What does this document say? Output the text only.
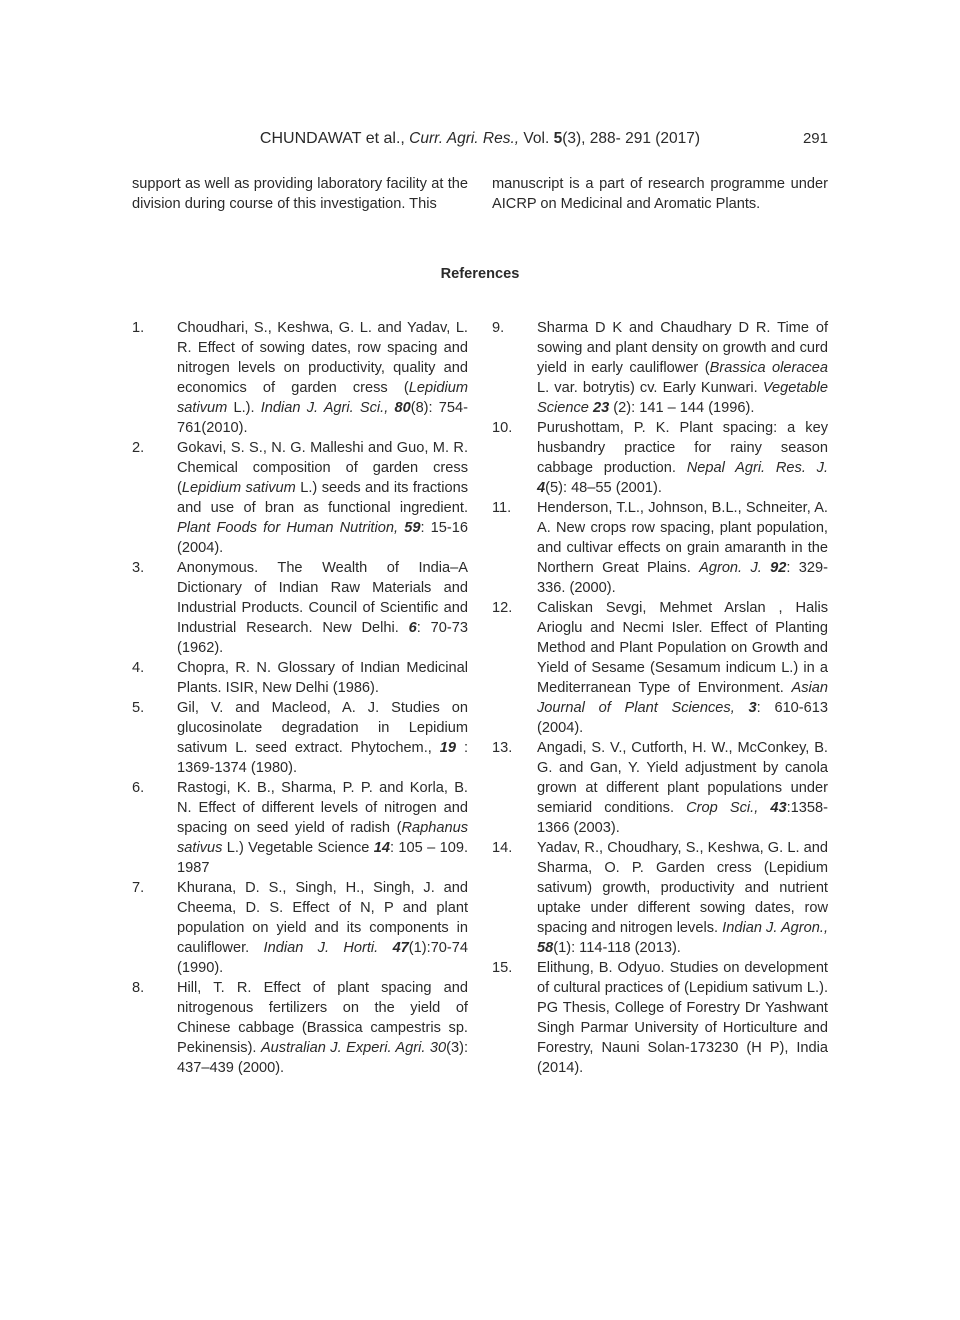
CHUNDAWAT et al., Curr. Agri. Res., Vol. 5(3), 288- 291 (2017)	291

support as well as providing laboratory facility at the division during course of this investigation. This

manuscript is a part of research programme under AICRP on Medicinal and Aromatic Plants.

References
1.	Choudhari, S., Keshwa, G. L. and Yadav, L. R. Effect of sowing dates, row spacing and nitrogen levels on productivity, quality and economics of garden cress (Lepidium sativum L.). Indian J. Agri. Sci., 80(8): 754-761(2010).
2.	Gokavi, S. S., N. G. Malleshi and Guo, M. R. Chemical composition of garden cress (Lepidium sativum L.) seeds and its fractions and use of bran as functional ingredient. Plant Foods for Human Nutrition, 59: 15-16 (2004).
3.	Anonymous. The Wealth of India–A Dictionary of Indian Raw Materials and Industrial Products. Council of Scientific and Industrial Research. New Delhi. 6: 70-73 (1962).
4.	Chopra, R. N. Glossary of Indian Medicinal Plants. ISIR, New Delhi (1986).
5.	Gil, V. and Macleod, A. J. Studies on glucosinolate degradation in Lepidium sativum L. seed extract. Phytochem., 19 : 1369-1374 (1980).
6.	Rastogi, K. B., Sharma, P. P. and Korla, B. N. Effect of different levels of nitrogen and spacing on seed yield of radish (Raphanus sativus L.) Vegetable Science 14: 105 – 109. 1987
7.	Khurana, D. S., Singh, H., Singh, J. and Cheema, D. S. Effect of N, P and plant population on yield and its components in cauliflower. Indian J. Horti. 47(1):70-74 (1990).
8.	Hill, T. R. Effect of plant spacing and nitrogenous fertilizers on the yield of Chinese cabbage (Brassica campestris sp. Pekinensis). Australian J. Experi. Agri. 30(3): 437–439 (2000).
9.	Sharma D K and Chaudhary D R. Time of sowing and plant density on growth and curd yield in early cauliflower (Brassica oleracea L. var. botrytis) cv. Early Kunwari. Vegetable Science 23 (2): 141 – 144 (1996).
10.	Purushottam, P. K. Plant spacing: a key husbandry practice for rainy season cabbage production. Nepal Agri. Res. J. 4(5): 48–55 (2001).
11.	Henderson, T.L., Johnson, B.L., Schneiter, A. A. New crops row spacing, plant population, and cultivar effects on grain amaranth in the Northern Great Plains. Agron. J. 92: 329-336. (2000).
12.	Caliskan Sevgi, Mehmet Arslan , Halis Arioglu and Necmi Isler. Effect of Planting Method and Plant Population on Growth and Yield of Sesame (Sesamum indicum L.) in a Mediterranean Type of Environment. Asian Journal of Plant Sciences, 3: 610-613 (2004).
13.	Angadi, S. V., Cutforth, H. W., McConkey, B. G. and Gan, Y. Yield adjustment by canola grown at different plant populations under semiarid conditions. Crop Sci., 43:1358-1366 (2003).
14.	Yadav, R., Choudhary, S., Keshwa, G. L. and Sharma, O. P. Garden cress (Lepidium sativum) growth, productivity and nutrient uptake under different sowing dates, row spacing and nitrogen levels. Indian J. Agron., 58(1): 114-118 (2013).
15.	Elithung, B. Odyuo. Studies on development of cultural practices of (Lepidium sativum L.). PG Thesis, College of Forestry Dr Yashwant Singh Parmar University of Horticulture and Forestry, Nauni Solan-173230 (H P), India (2014).
